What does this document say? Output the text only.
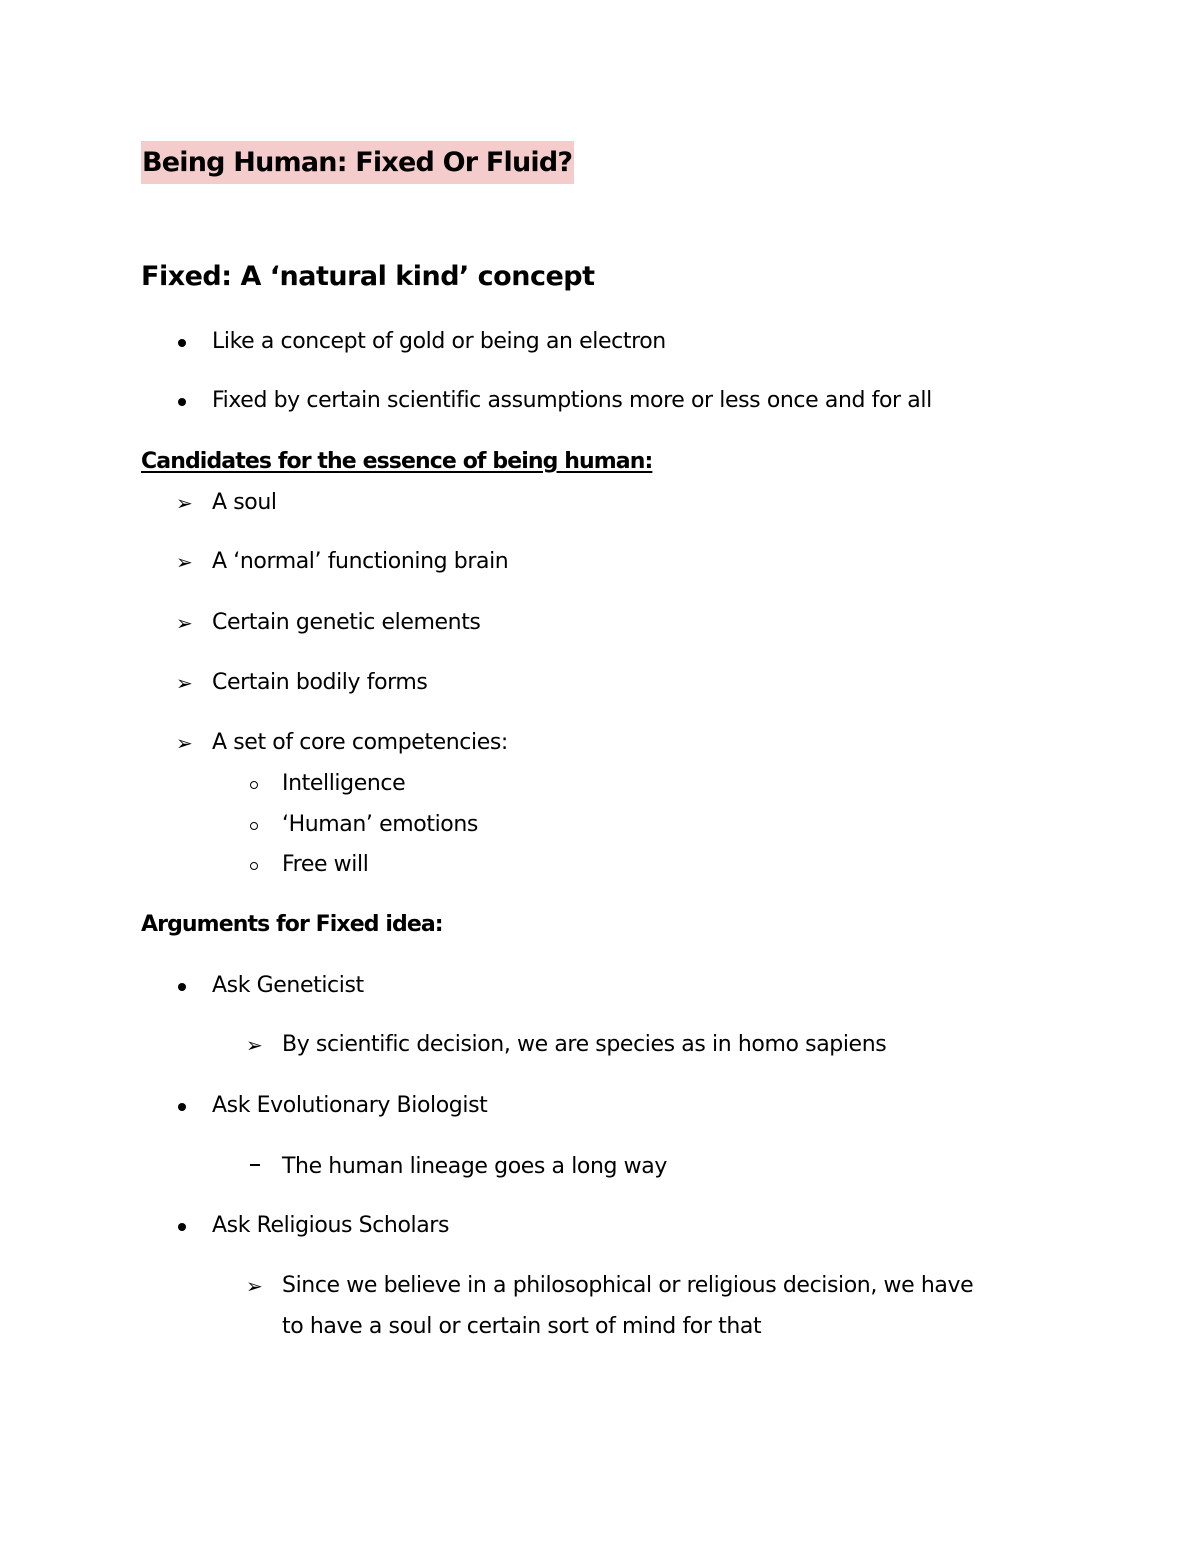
Being Human: Fixed Or Fluid?
Fixed: A ‘natural kind’ concept
Like a concept of gold or being an electron
Fixed by certain scientific assumptions more or less once and for all
Candidates for the essence of being human:
➢ A soul
➢ A ‘normal’ functioning brain
➢ Certain genetic elements
➢ Certain bodily forms
➢ A set of core competencies:
Intelligence
‘Human’ emotions
Free will
Arguments for Fixed idea:
Ask Geneticist
➢ By scientific decision, we are species as in homo sapiens
Ask Evolutionary Biologist
The human lineage goes a long way
Ask Religious Scholars
➢ Since we believe in a philosophical or religious decision, we have
to have a soul or certain sort of mind for that
